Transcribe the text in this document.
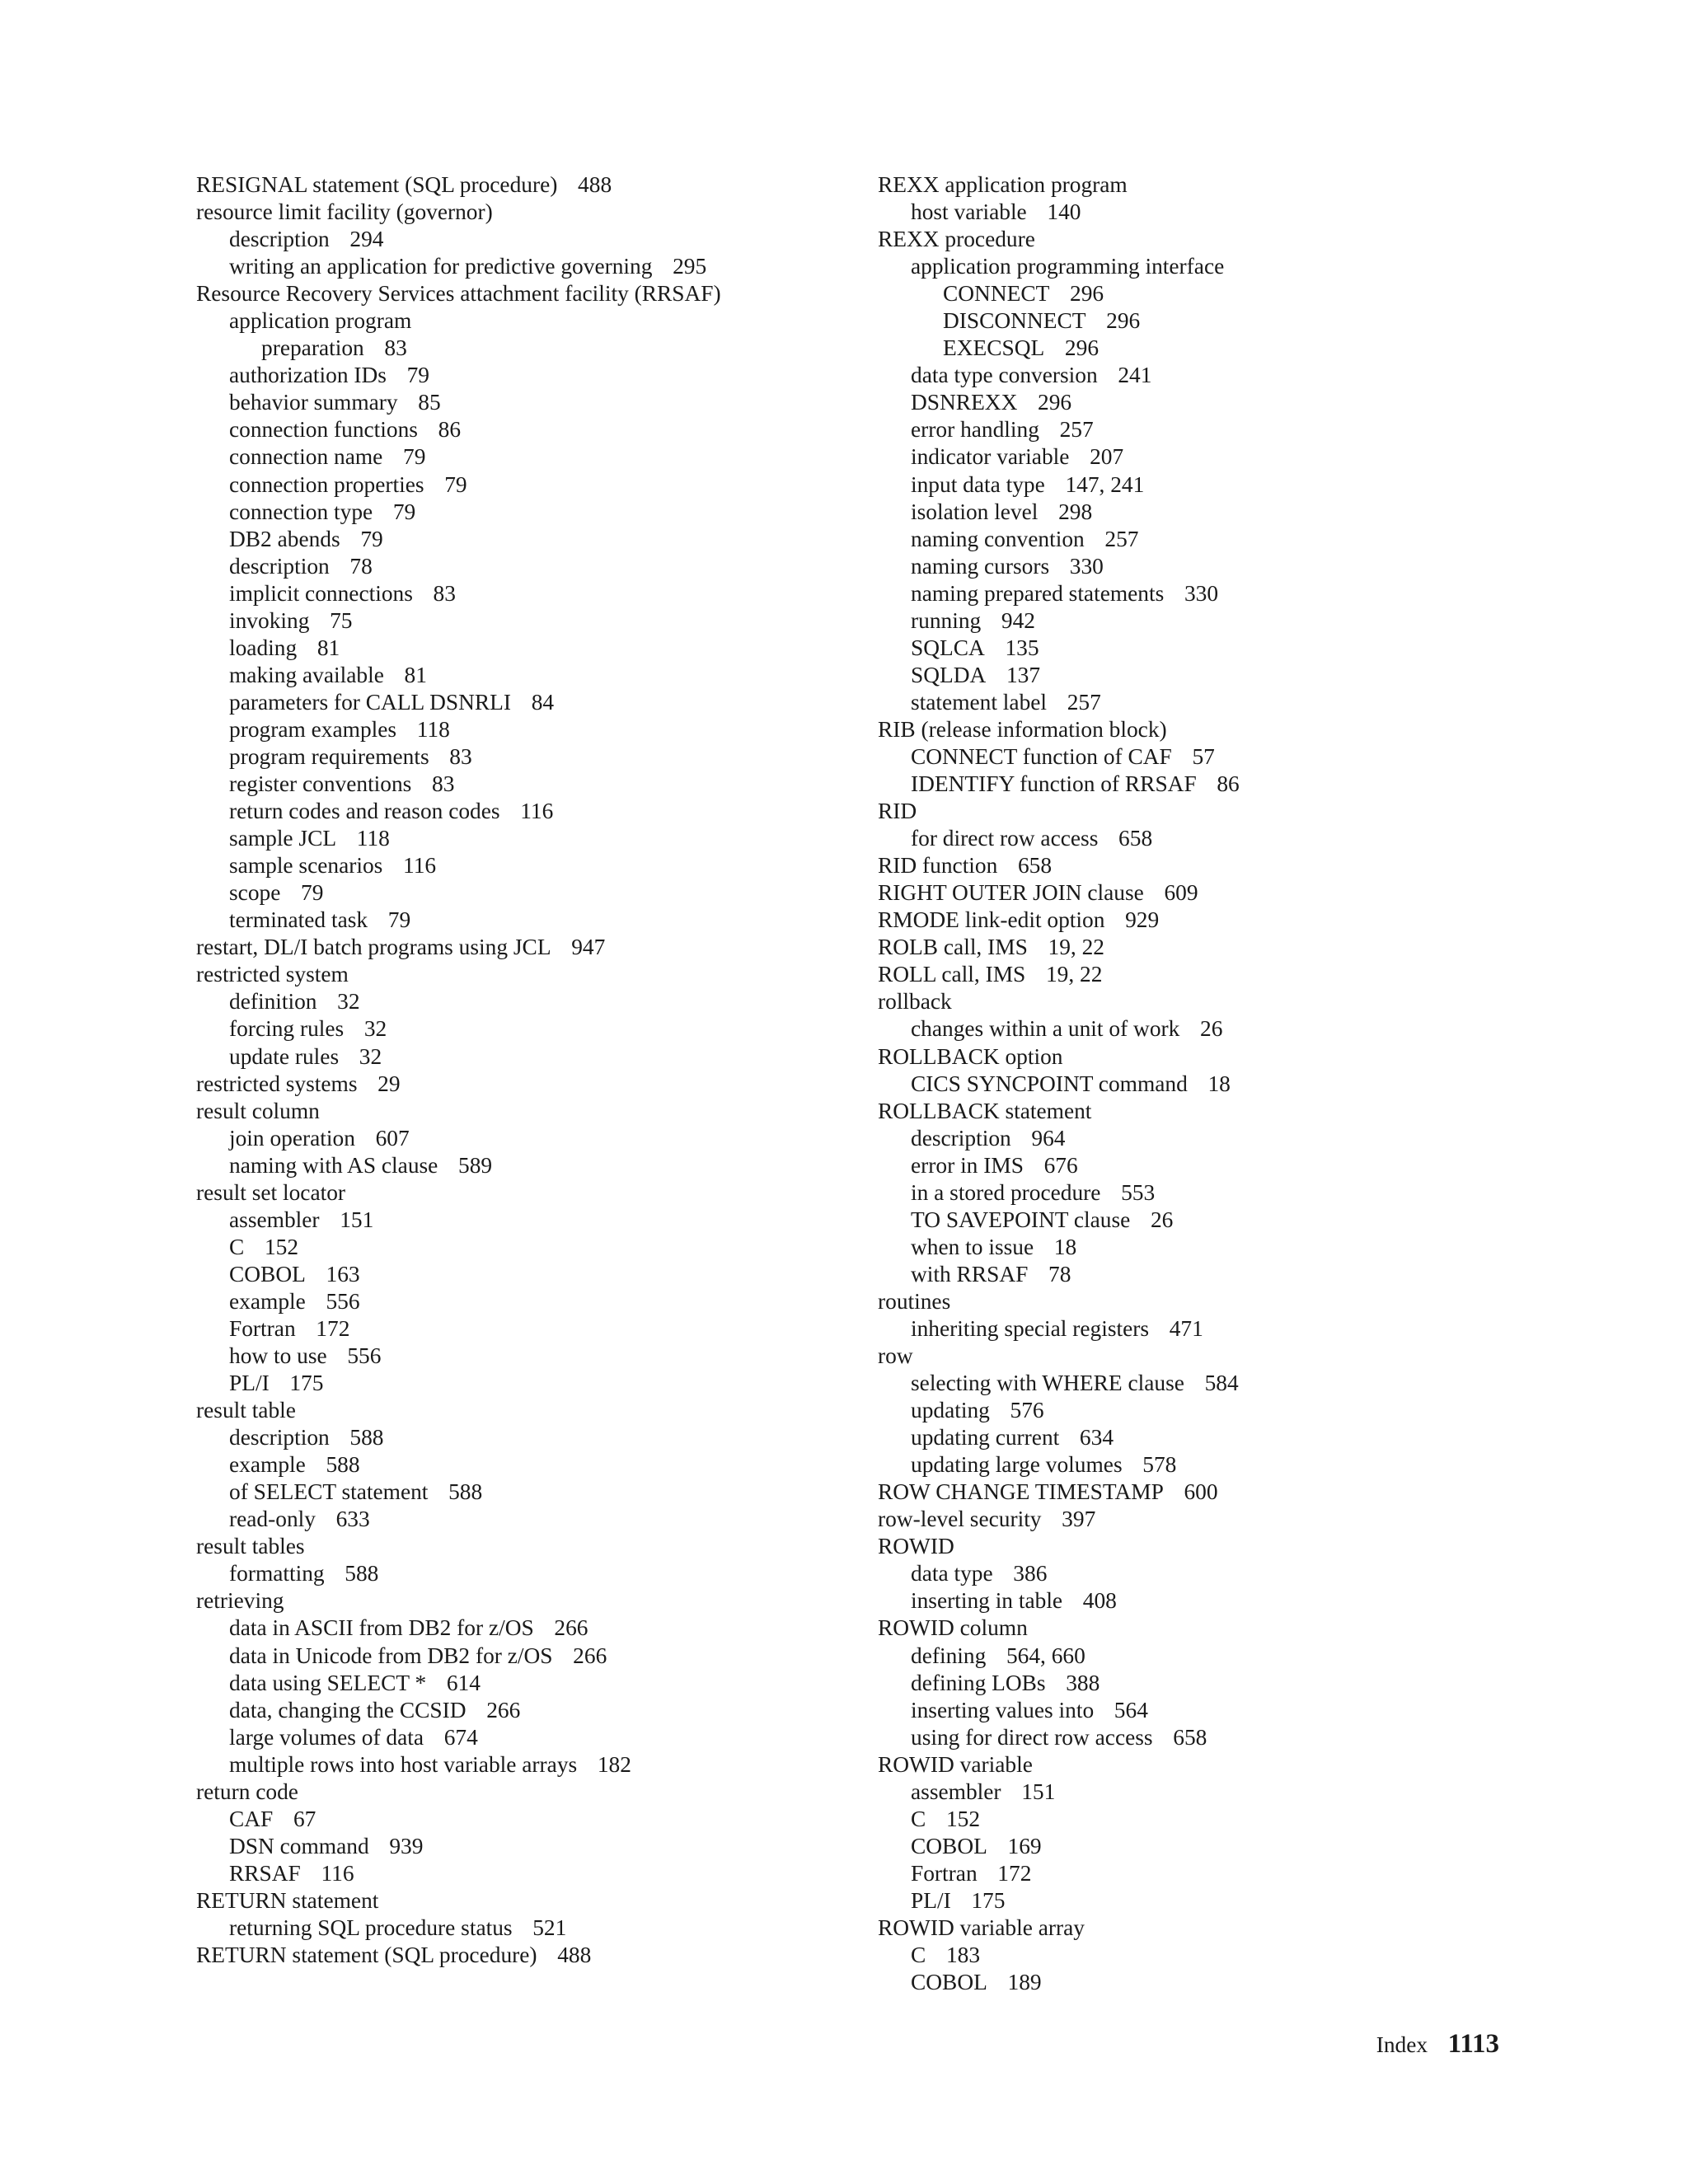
RESIGNAL statement (SQL procedure) 488
resource limit facility (governor)
description 294
writing an application for predictive governing 295
Resource Recovery Services attachment facility (RRSAF)
application program
preparation 83
authorization IDs 79
behavior summary 85
connection functions 86
connection name 79
connection properties 79
connection type 79
DB2 abends 79
description 78
implicit connections 83
invoking 75
loading 81
making available 81
parameters for CALL DSNRLI 84
program examples 118
program requirements 83
register conventions 83
return codes and reason codes 116
sample JCL 118
sample scenarios 116
scope 79
terminated task 79
restart, DL/I batch programs using JCL 947
restricted system
definition 32
forcing rules 32
update rules 32
restricted systems 29
result column
join operation 607
naming with AS clause 589
result set locator
assembler 151
C 152
COBOL 163
example 556
Fortran 172
how to use 556
PL/I 175
result table
description 588
example 588
of SELECT statement 588
read-only 633
result tables
formatting 588
retrieving
data in ASCII from DB2 for z/OS 266
data in Unicode from DB2 for z/OS 266
data using SELECT * 614
data, changing the CCSID 266
large volumes of data 674
multiple rows into host variable arrays 182
return code
CAF 67
DSN command 939
RRSAF 116
RETURN statement
returning SQL procedure status 521
RETURN statement (SQL procedure) 488
REXX application program
host variable 140
REXX procedure
application programming interface
CONNECT 296
DISCONNECT 296
EXECSQL 296
data type conversion 241
DSNREXX 296
error handling 257
indicator variable 207
input data type 147, 241
isolation level 298
naming convention 257
naming cursors 330
naming prepared statements 330
running 942
SQLCA 135
SQLDA 137
statement label 257
RIB (release information block)
CONNECT function of CAF 57
IDENTIFY function of RRSAF 86
RID
for direct row access 658
RID function 658
RIGHT OUTER JOIN clause 609
RMODE link-edit option 929
ROLB call, IMS 19, 22
ROLL call, IMS 19, 22
rollback
changes within a unit of work 26
ROLLBACK option
CICS SYNCPOINT command 18
ROLLBACK statement
description 964
error in IMS 676
in a stored procedure 553
TO SAVEPOINT clause 26
when to issue 18
with RRSAF 78
routines
inheriting special registers 471
row
selecting with WHERE clause 584
updating 576
updating current 634
updating large volumes 578
ROW CHANGE TIMESTAMP 600
row-level security 397
ROWID
data type 386
inserting in table 408
ROWID column
defining 564, 660
defining LOBs 388
inserting values into 564
using for direct row access 658
ROWID variable
assembler 151
C 152
COBOL 169
Fortran 172
PL/I 175
ROWID variable array
C 183
COBOL 189
Index 1113
